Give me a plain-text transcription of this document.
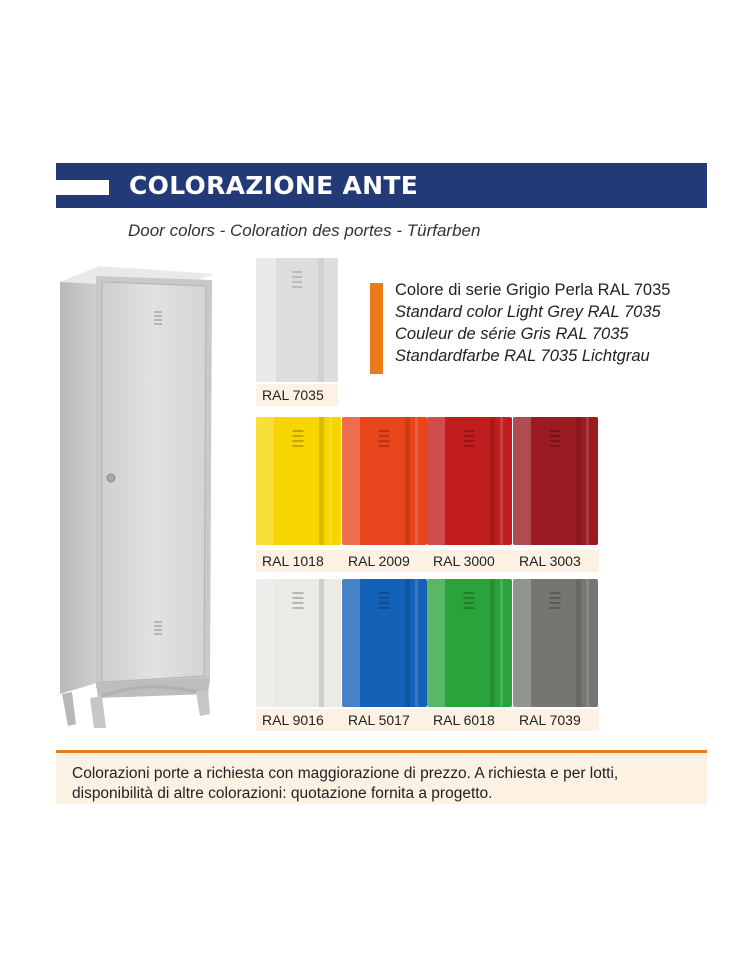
COLORAZIONE ANTE
Door colors - Coloration des portes - Türfarben
RAL 7035
Colore di serie Grigio Perla RAL 7035
Standard color Light Grey RAL 7035
Couleur de série Gris RAL 7035
Standardfarbe RAL 7035 Lichtgrau
RAL 1018	RAL 2009	RAL 3000	RAL 3003
RAL 9016	RAL 5017	RAL 6018	RAL 7039
Colorazioni porte a richiesta con maggiorazione di prezzo. A richiesta e per lotti,
disponibilità di altre colorazioni: quotazione fornita a progetto.
